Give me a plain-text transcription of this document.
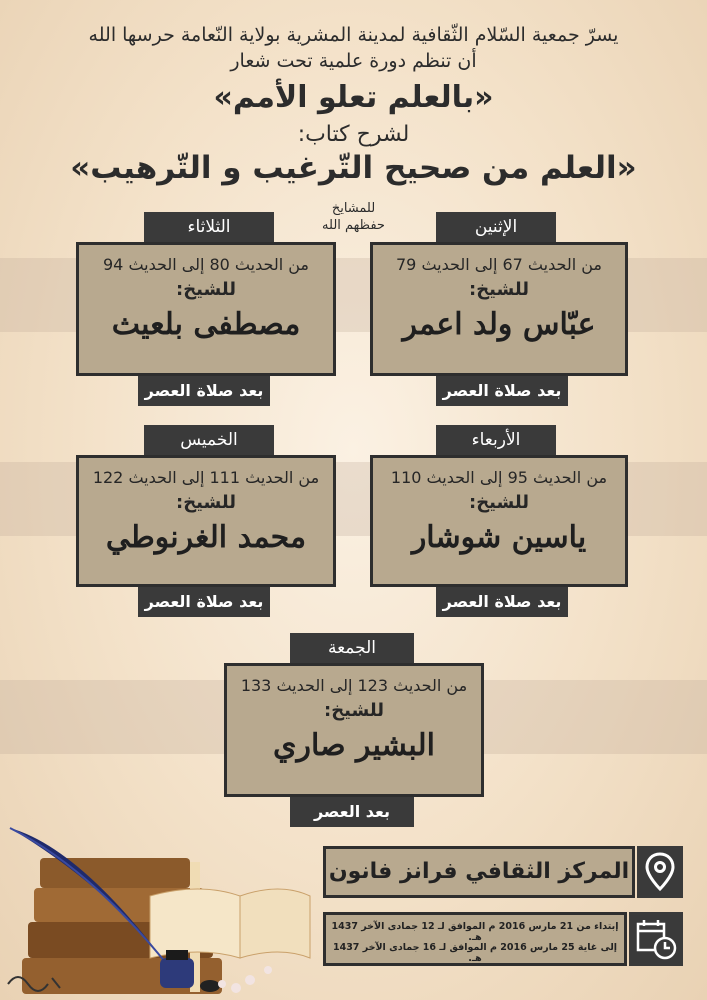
يسرّ جمعية السّلام الثّقافية لمدينة المشرية بولاية النّعامة حرسها الله
أن تنظم دورة علمية تحت شعار
«بالعلم تعلو الأمم»
لشرح كتاب:
«العلم من صحيح التّرغيب و التّرهيب»
للمشايخ
حفظهم الله	الإثنين
من الحديث 67 إلى الحديث 79
للشيخ:
عبّاس ولد اعمر
بعد صلاة العصر
الثلاثاء
من الحديث 80 إلى الحديث 94
للشيخ:
مصطفى بلعيث
بعد صلاة العصر
الأربعاء
من الحديث 95 إلى الحديث 110
للشيخ:
ياسين شوشار
بعد صلاة العصر
الخميس
من الحديث 111 إلى الحديث 122
للشيخ:
محمد الغرنوطي
بعد صلاة العصر
الجمعة
من الحديث 123 إلى الحديث 133
للشيخ:
البشير صاري
بعد العصر
المركز الثقافي فرانز فانون
إبتداء من 21 مارس 2016 م الموافق لـ 12 جمادى الآخر 1437 هـ.
إلى غاية 25 مارس 2016 م الموافق لـ 16 جمادى الآخر 1437 هـ.
